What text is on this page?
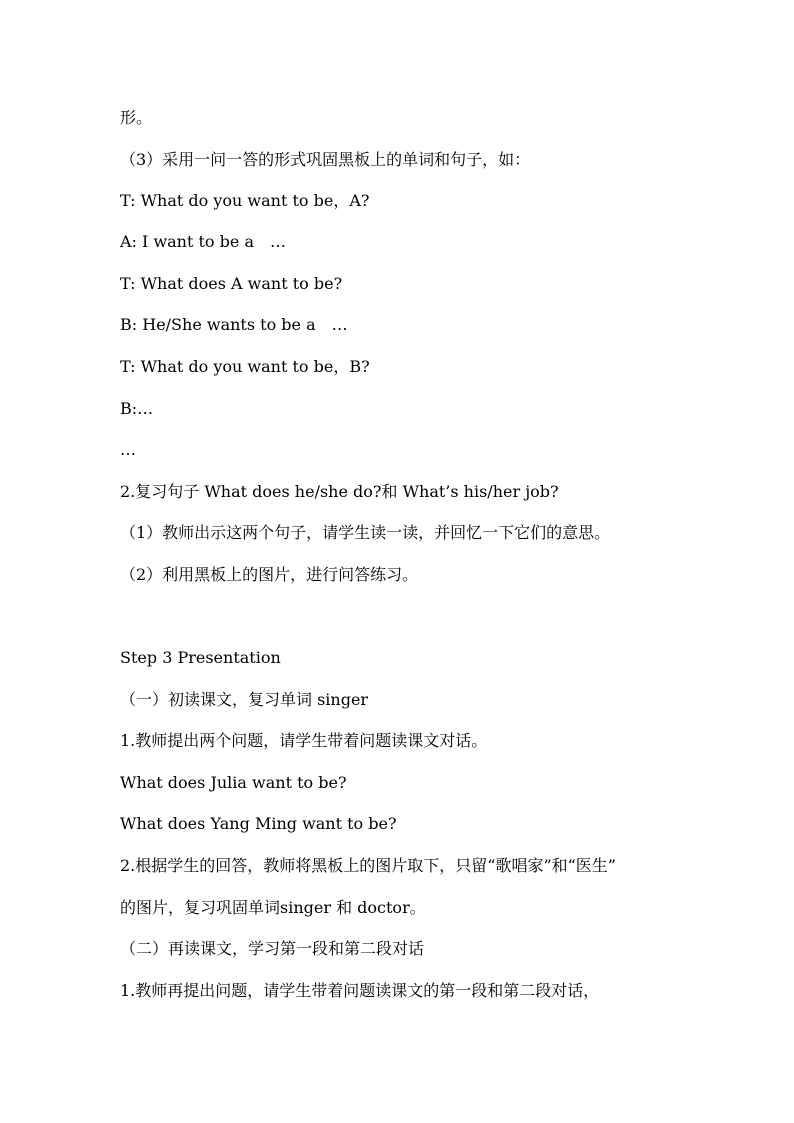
形。
（3）采用一问一答的形式巩固黑板上的单词和句子，如：
T: What do you want to be，A?
A: I want to be a　…
T: What does A want to be?
B: He/She wants to be a　…
T: What do you want to be，B?
B:…
…
2.复习句子 What does he/she do?和 What’s his/her job?
（1）教师出示这两个句子，请学生读一读，并回忆一下它们的意思。
（2）利用黑板上的图片，进行问答练习。
Step 3 Presentation
（一）初读课文，复习单词 singer
1.教师提出两个问题，请学生带着问题读课文对话。
What does Julia want to be?
What does Yang Ming want to be?
2.根据学生的回答，教师将黑板上的图片取下，只留“歌唱家”和“医生”
的图片，复习巩固单词singer 和 doctor。
（二）再读课文，学习第一段和第二段对话
1.教师再提出问题，请学生带着问题读课文的第一段和第二段对话，
